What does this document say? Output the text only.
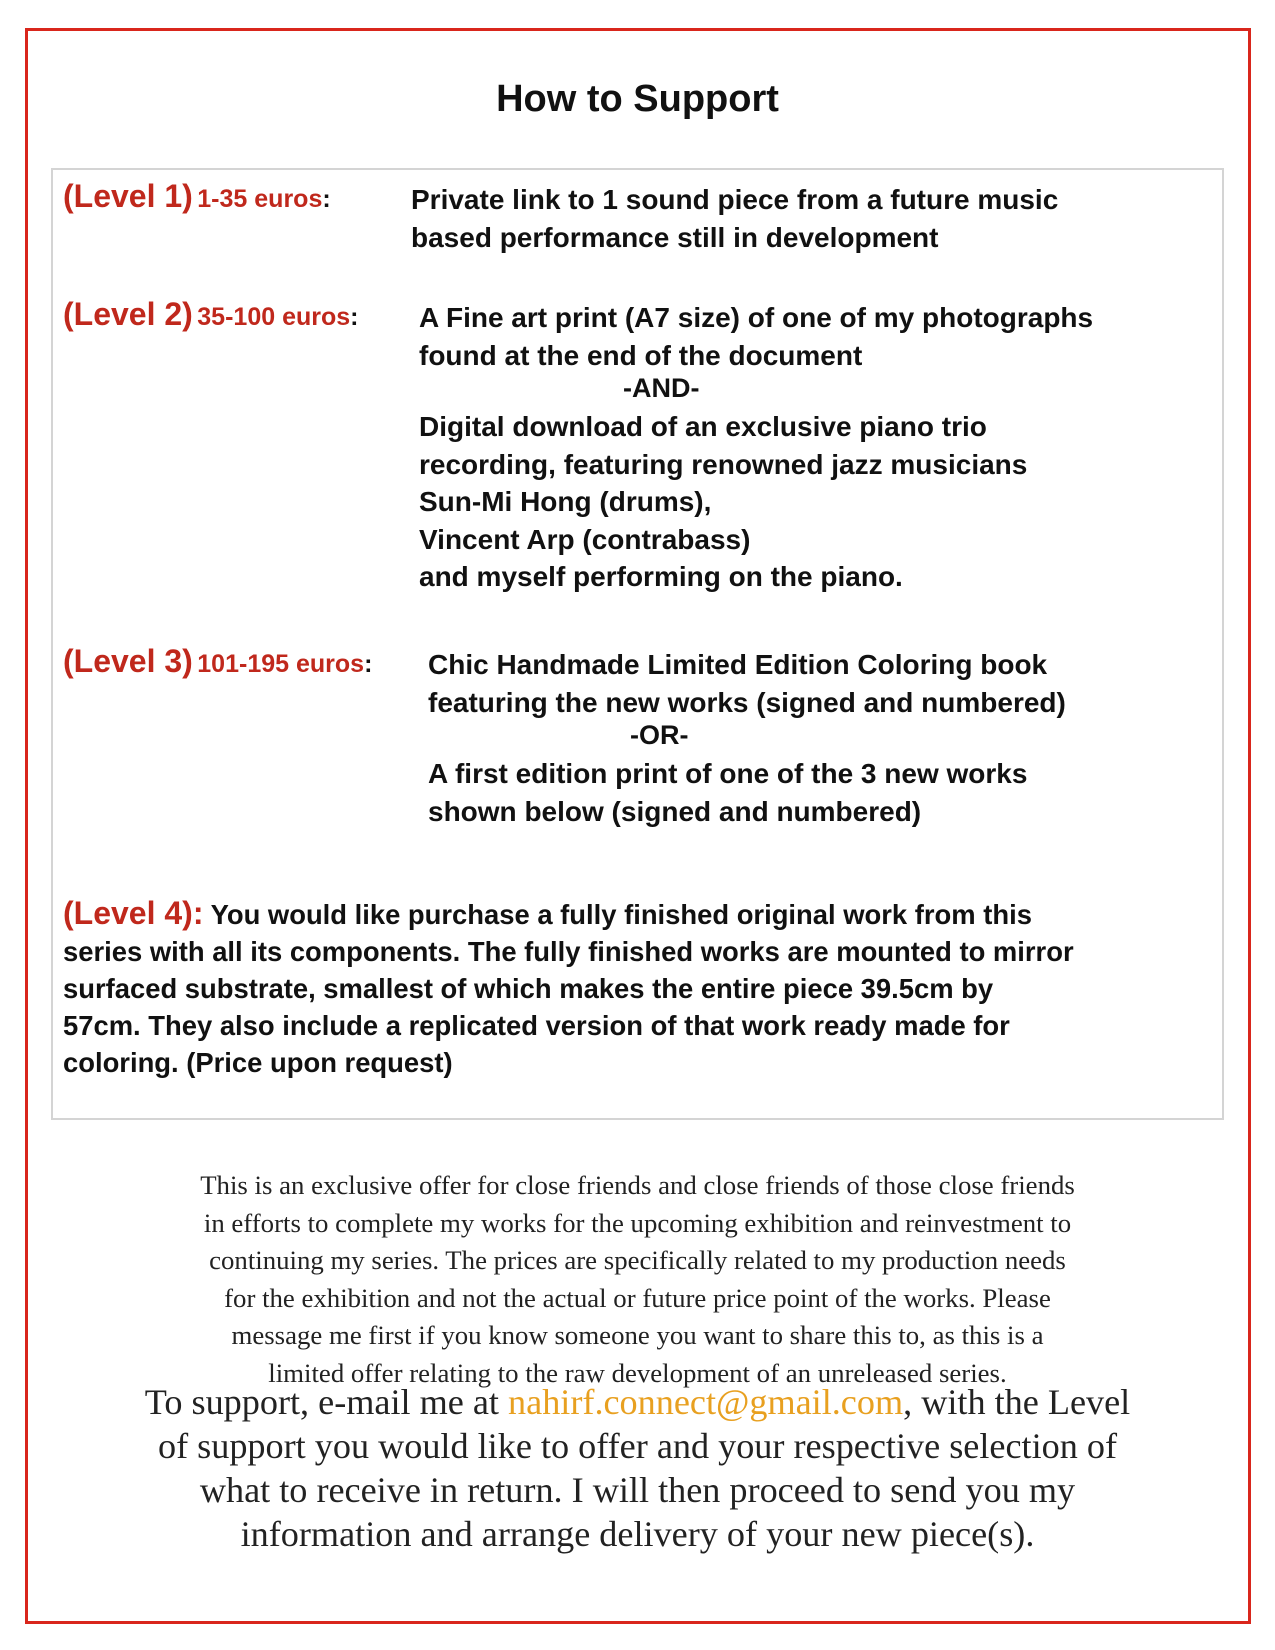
How to Support
(Level 1) 1-35 euros:	Private link to 1 sound piece from a future music
based performance still in development
(Level 2) 35-100 euros: A Fine art print (A7 size) of one of my photographs
found at the end of the document
-AND-
Digital download of an exclusive piano trio
recording, featuring renowned jazz musicians
Sun-Mi Hong (drums),
Vincent Arp (contrabass)
and myself performing on the piano.
(Level 3) 101-195 euros: Chic Handmade Limited Edition Coloring book
featuring the new works (signed and numbered)
-OR-
A first edition print of one of the 3 new works
shown below (signed and numbered)
(Level 4): You would like purchase a fully finished original work from this
series with all its components. The fully finished works are mounted to mirror
surfaced substrate, smallest of which makes the entire piece 39.5cm by
57cm. They also include a replicated version of that work ready made for
coloring. (Price upon request)
This is an exclusive offer for close friends and close friends of those close friends
in efforts to complete my works for the upcoming exhibition and reinvestment to
continuing my series. The prices are specifically related to my production needs
for the exhibition and not the actual or future price point of the works. Please
message me first if you know someone you want to share this to, as this is a
limited offer relating to the raw development of an unreleased series.
To support, e-mail me at nahirf.connect@gmail.com, with the Level
of support you would like to offer and your respective selection of
what to receive in return. I will then proceed to send you my
information and arrange delivery of your new piece(s).
